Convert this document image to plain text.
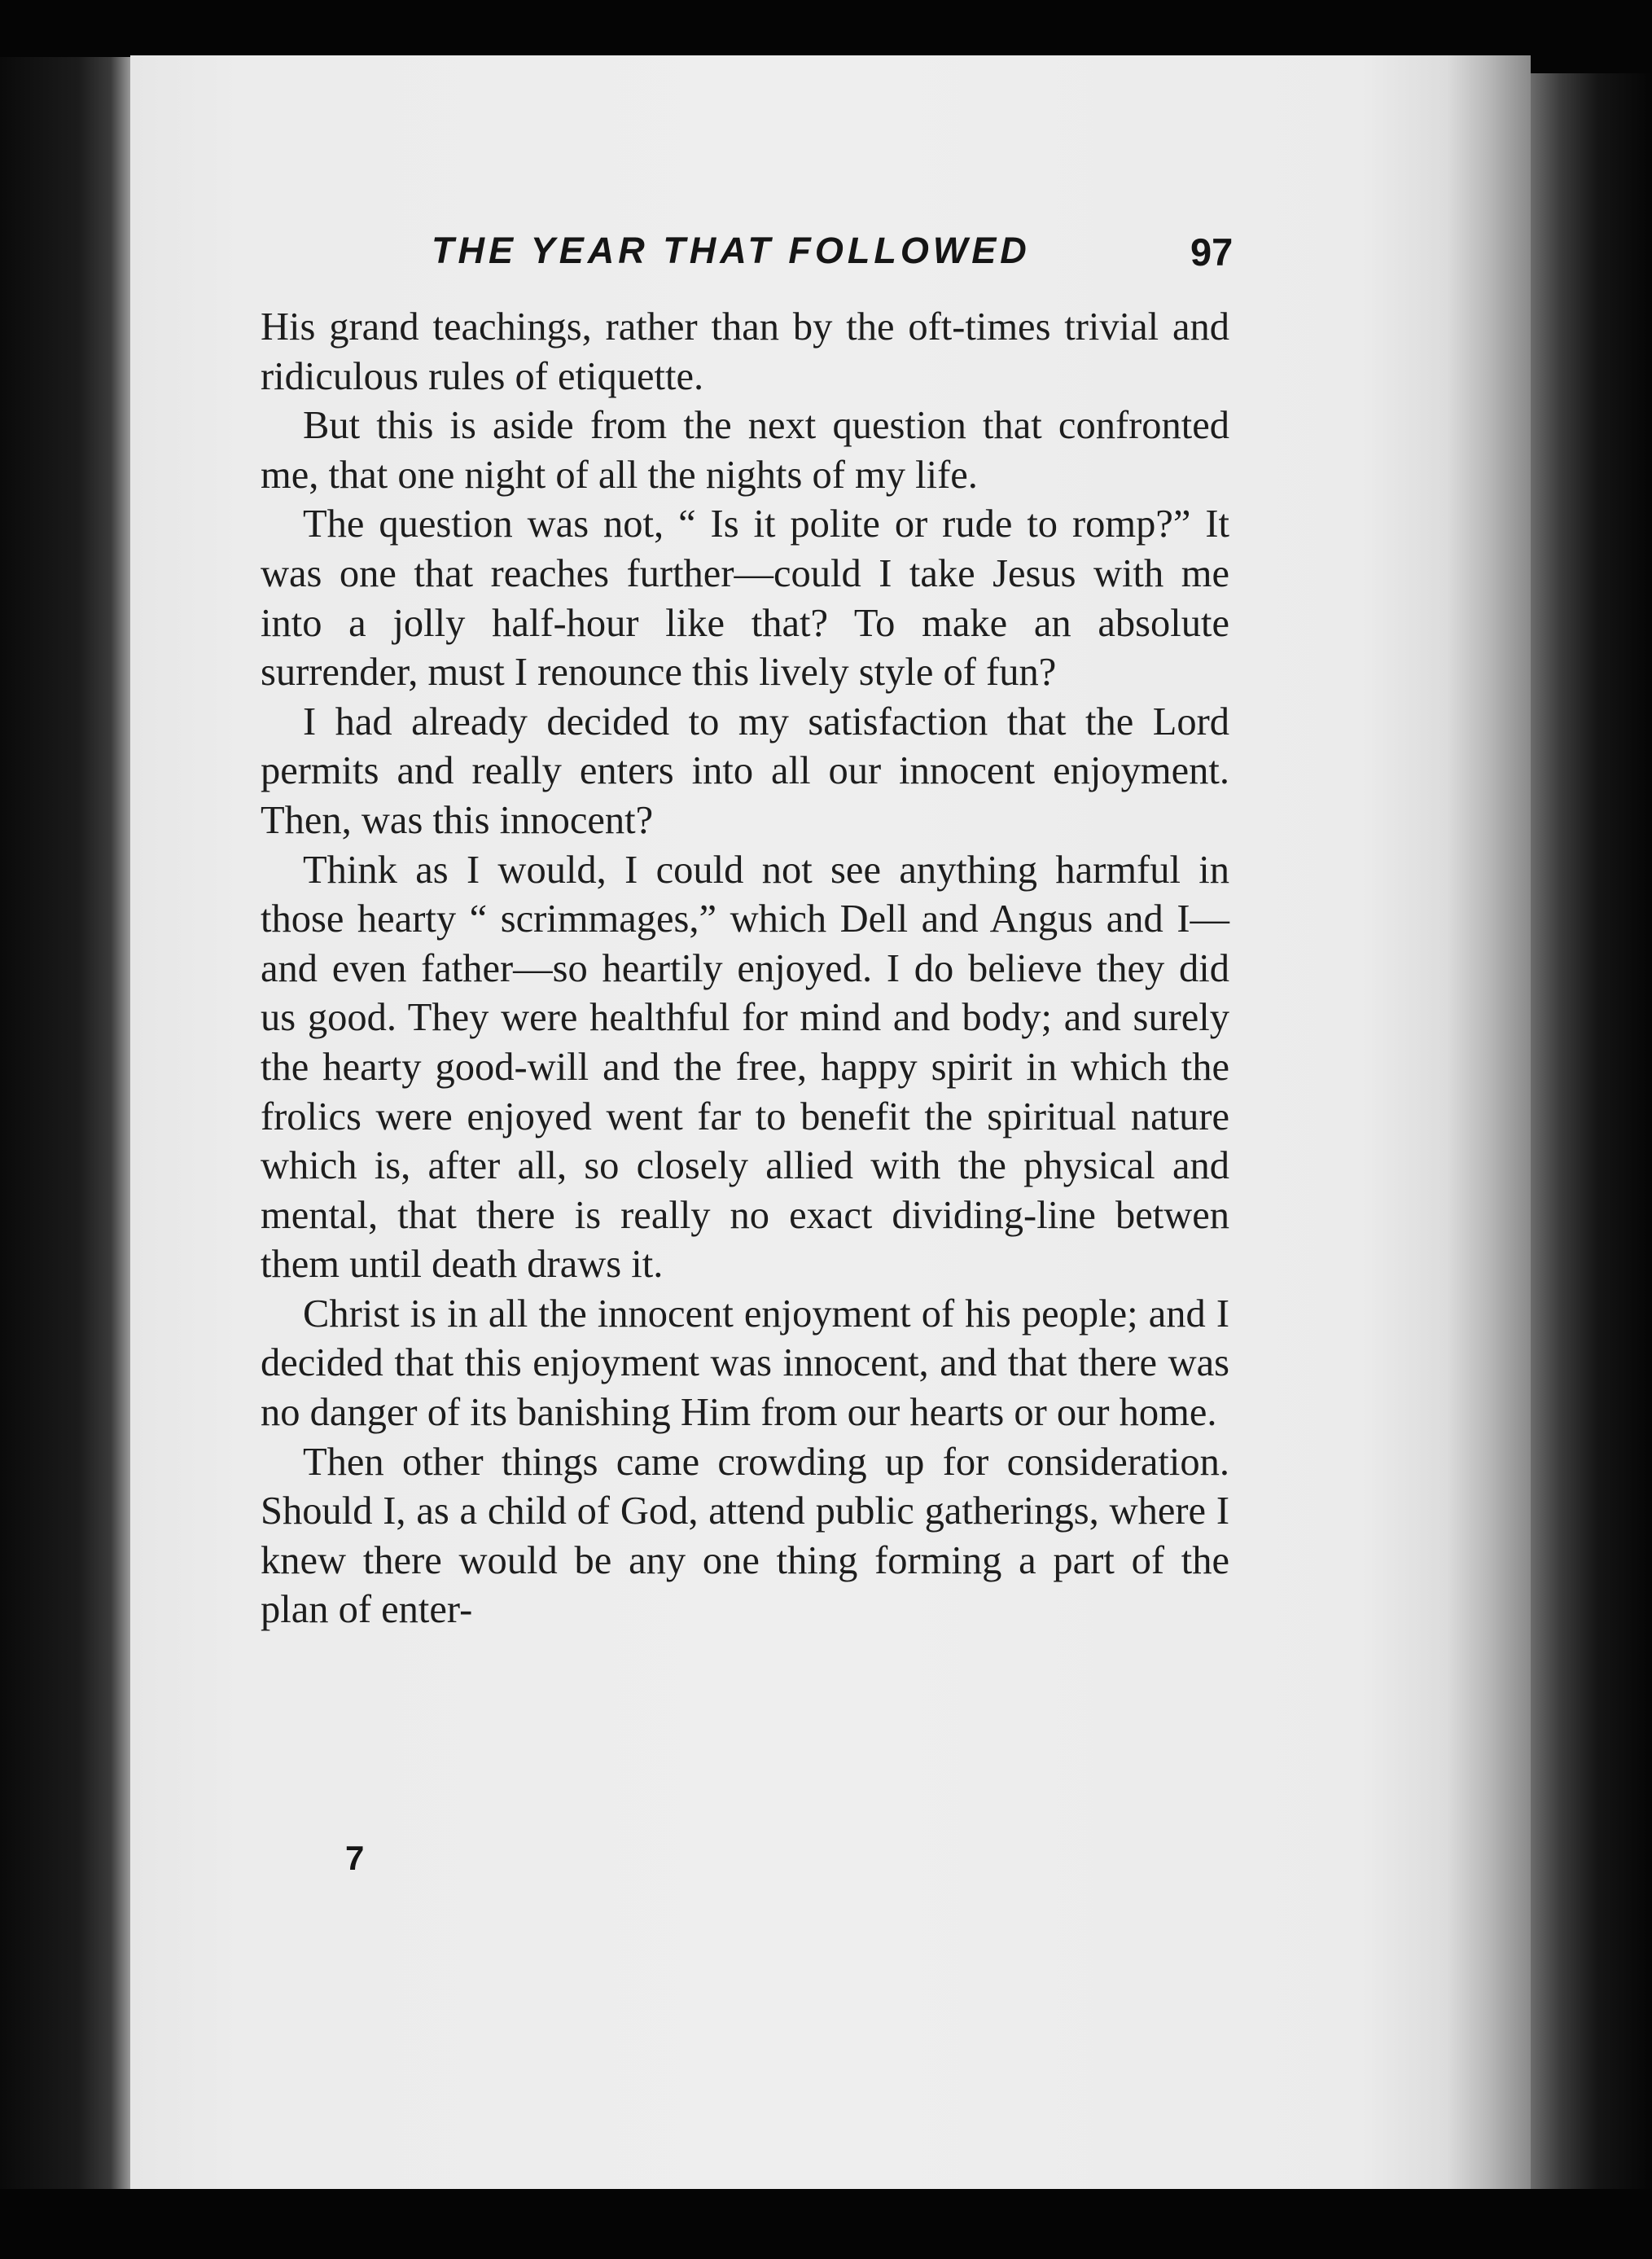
THE YEAR THAT FOLLOWED	97

His grand teachings, rather than by the oft-times trivial and ridiculous rules of etiquette.

But this is aside from the next question that confronted me, that one night of all the nights of my life.

The question was not, “ Is it polite or rude to romp?” It was one that reaches further—could I take Jesus with me into a jolly half-hour like that? To make an absolute surrender, must I renounce this lively style of fun?

I had already decided to my satisfaction that the Lord permits and really enters into all our innocent enjoyment. Then, was this innocent?

Think as I would, I could not see anything harmful in those hearty “ scrimmages,” which Dell and Angus and I—and even father—so heartily enjoyed. I do believe they did us good. They were healthful for mind and body; and surely the hearty good-will and the free, happy spirit in which the frolics were enjoyed went far to benefit the spiritual nature which is, after all, so closely allied with the physical and mental, that there is really no exact dividing-line betwen them until death draws it.

Christ is in all the innocent enjoyment of his people; and I decided that this enjoyment was innocent, and that there was no danger of its banishing Him from our hearts or our home.

Then other things came crowding up for consideration. Should I, as a child of God, attend public gatherings, where I knew there would be any one thing forming a part of the plan of enter-

7
